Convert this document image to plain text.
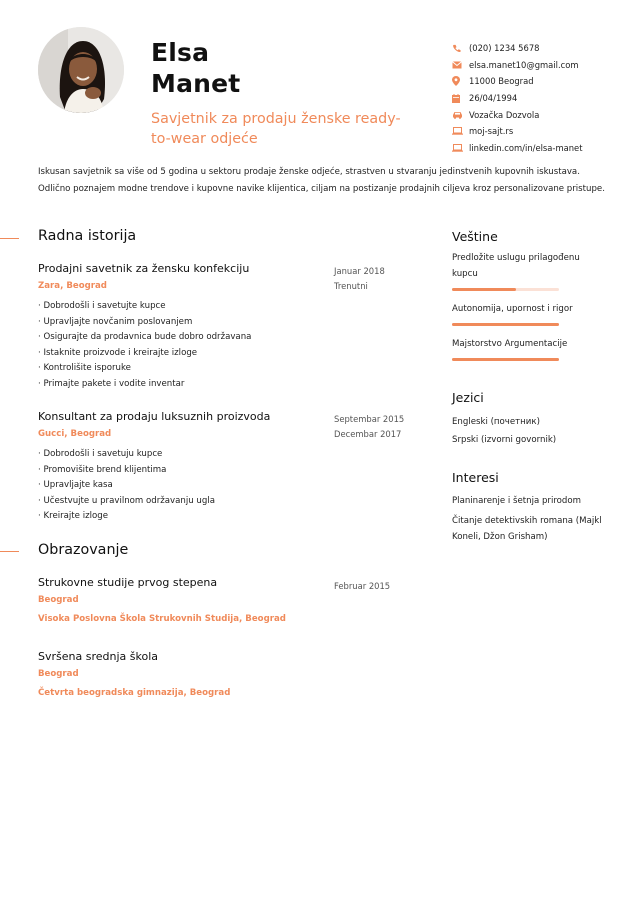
Elsa
Manet
Savjetnik za prodaju ženske ready-to-wear odjeće
(020) 1234 5678
elsa.manet10@gmail.com
11000 Beograd
26/04/1994
Vozačka Dozvola
moj-sajt.rs
linkedin.com/in/elsa-manet

Iskusan savjetnik sa više od 5 godina u sektoru prodaje ženske odjeće, strastven u stvaranju jedinstvenih kupovnih iskustava. Odlično poznajem modne trendove i kupovne navike klijentica, ciljam na postizanje prodajnih ciljeva kroz personalizovane pristupe.

Radna istorija
Prodajni savetnik za žensku konfekciju
Zara, Beograd
Januar 2018
Trenutni
· Dobrodošli i savetujte kupce
· Upravljajte novčanim poslovanjem
· Osigurajte da prodavnica bude dobro održavana
· Istaknite proizvode i kreirajte izloge
· Kontrolišite isporuke
· Primajte pakete i vodite inventar
Konsultant za prodaju luksuznih proizvoda
Gucci, Beograd
Septembar 2015
Decembar 2017
· Dobrodošli i savetuju kupce
· Promovišite brend klijentima
· Upravljajte kasa
· Učestvujte u pravilnom održavanju ugla
· Kreirajte izloge
Obrazovanje
Strukovne studije prvog stepena	Februar 2015
Beograd
Visoka Poslovna Škola Strukovnih Studija, Beograd
Svršena srednja škola
Beograd
Četvrta beogradska gimnazija, Beograd
Veštine
Predložite uslugu prilagođenu kupcu
Autonomija, upornost i rigor
Majstorstvo Argumentacije
Jezici
Engleski (почетник)
Srpski (izvorni govornik)
Interesi
Planinarenje i šetnja prirodom
Čitanje detektivskih romana (Majkl Koneli, Džon Grisham)
